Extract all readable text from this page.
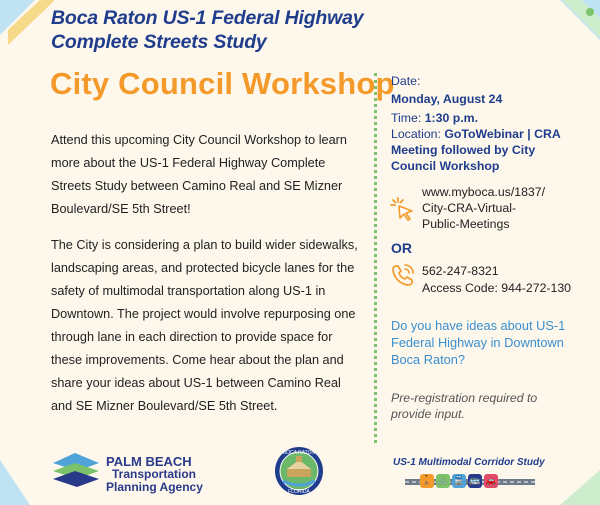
Boca Raton US-1 Federal Highway
Complete Streets Study
City Council Workshop
Attend this upcoming City Council Workshop to learn more about the US-1 Federal Highway Complete Streets Study between Camino Real and SE Mizner Boulevard/SE 5th Street!
The City is considering a plan to build wider sidewalks, landscaping areas, and protected bicycle lanes for the safety of multimodal transportation along US-1 in Downtown. The project would involve repurposing one through lane in each direction to provide space for these improvements. Come hear about the plan and share your ideas about US-1 between Camino Real and SE Mizner Boulevard/SE 5th Street.
Date:
Monday, August 24
Time: 1:30 p.m.
Location: GoToWebinar | CRA Meeting followed by City Council Workshop
www.myboca.us/1837/
City-CRA-Virtual-
Public-Meetings
OR
562-247-8321
Access Code: 944-272-130
Do you have ideas about US-1 Federal Highway in Downtown Boca Raton?
Pre-registration required to provide input.
PALM BEACH
Transportation
Planning Agency
BOCA RATON
FLORIDA
US-1 Multimodal Corridor Study
🚶 🚲 🚆 🚌 🚗
